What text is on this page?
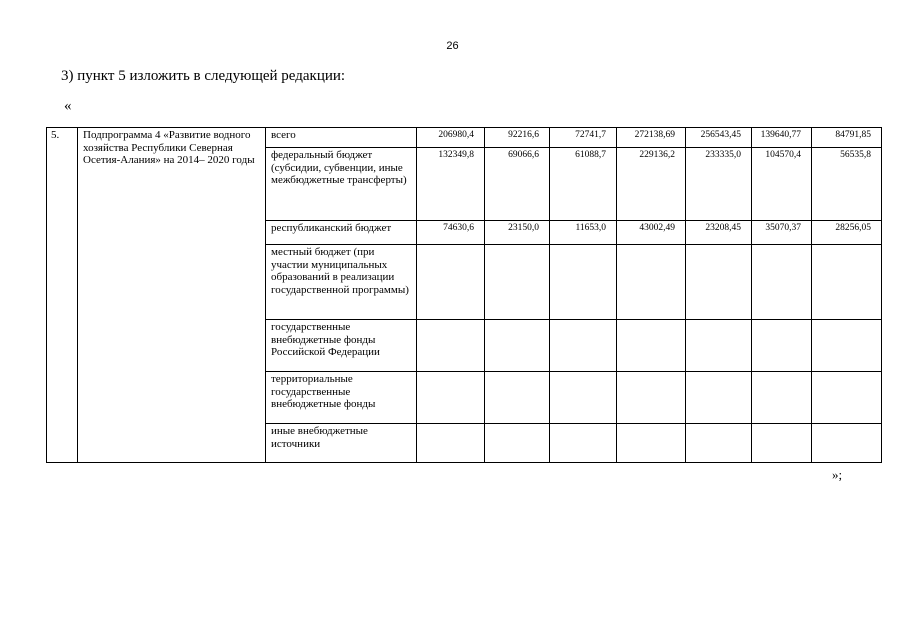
26
3) пункт 5 изложить в следующей редакции:
«
5.	Подпрограмма 4 «Развитие водного хозяйства Республики Северная Осетия-Алания» на 2014– 2020 годы	всего	206980,4	92216,6	72741,7	272138,69	256543,45	139640,77	84791,85
		федеральный бюджет (субсидии, субвенции, иные межбюджетные трансферты)	132349,8	69066,6	61088,7	229136,2	233335,0	104570,4	56535,8
		республиканский бюджет	74630,6	23150,0	11653,0	43002,49	23208,45	35070,37	28256,05
		местный бюджет (при участии муниципальных образований в реализации государственной программы)							
		государственные внебюджетные фонды Российской Федерации							
		территориальные государственные внебюджетные фонды							
		иные внебюджетные источники							
»;
